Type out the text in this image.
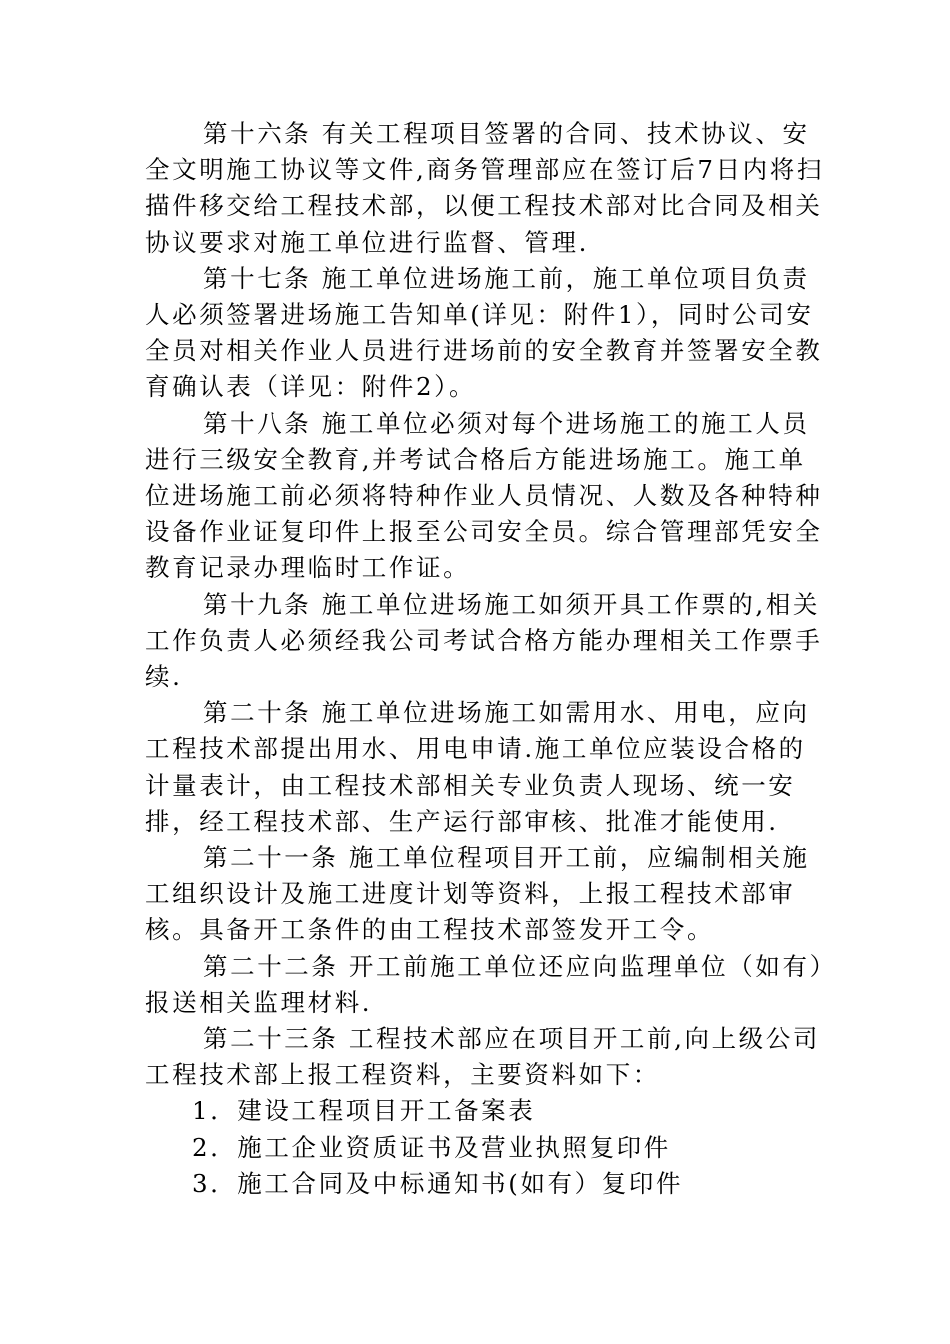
第十六条 有关工程项目签署的合同、技术协议、安全文明施工协议等文件,商务管理部应在签订后7日内将扫描件移交给工程技术部，以便工程技术部对比合同及相关协议要求对施工单位进行监督、管理.

第十七条 施工单位进场施工前，施工单位项目负责人必须签署进场施工告知单(详见：附件1），同时公司安全员对相关作业人员进行进场前的安全教育并签署安全教育确认表（详见：附件2）。

第十八条 施工单位必须对每个进场施工的施工人员进行三级安全教育,并考试合格后方能进场施工。施工单位进场施工前必须将特种作业人员情况、人数及各种特种设备作业证复印件上报至公司安全员。综合管理部凭安全教育记录办理临时工作证。

第十九条 施工单位进场施工如须开具工作票的,相关工作负责人必须经我公司考试合格方能办理相关工作票手续.

第二十条 施工单位进场施工如需用水、用电，应向工程技术部提出用水、用电申请.施工单位应装设合格的计量表计，由工程技术部相关专业负责人现场、统一安排，经工程技术部、生产运行部审核、批准才能使用.

第二十一条 施工单位程项目开工前，应编制相关施工组织设计及施工进度计划等资料，上报工程技术部审核。具备开工条件的由工程技术部签发开工令。

第二十二条 开工前施工单位还应向监理单位（如有）报送相关监理材料.

第二十三条 工程技术部应在项目开工前,向上级公司工程技术部上报工程资料，主要资料如下：

1．建设工程项目开工备案表

2．施工企业资质证书及营业执照复印件

3．施工合同及中标通知书(如有）复印件
